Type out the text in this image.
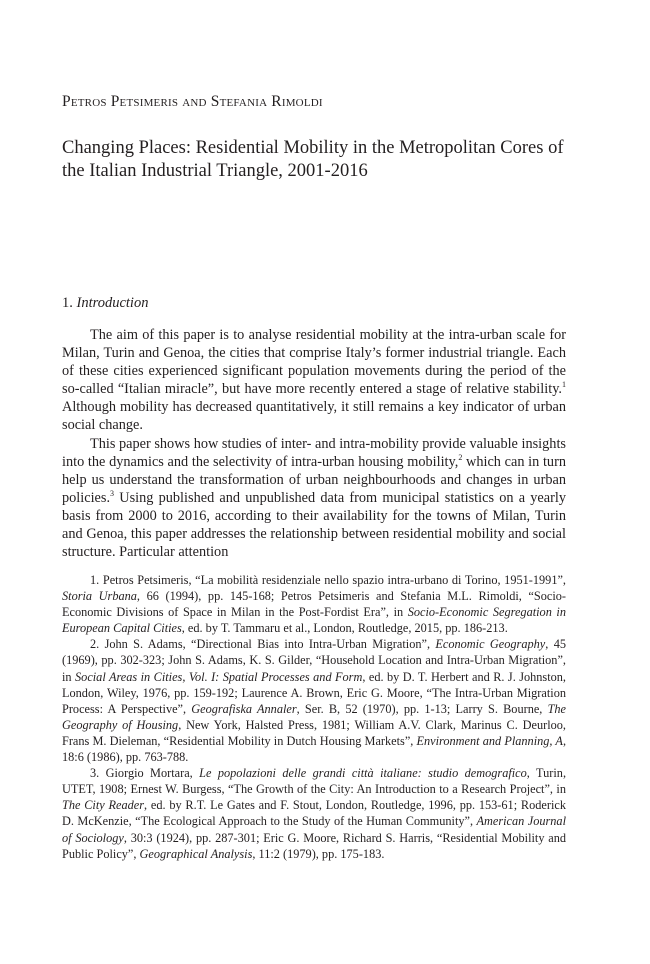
Petros Petsimeris and Stefania Rimoldi
Changing Places: Residential Mobility in the Metropolitan Cores of the Italian Industrial Triangle, 2001-2016
1. Introduction

The aim of this paper is to analyse residential mobility at the intra-urban scale for Milan, Turin and Genoa, the cities that comprise Italy’s former industrial triangle. Each of these cities experienced significant population movements during the period of the so-called “Italian miracle”, but have more recently entered a stage of relative stability.$^1$ Although mobility has decreased quantitatively, it still remains a key indicator of urban social change.

This paper shows how studies of inter- and intra-mobility provide valuable insights into the dynamics and the selectivity of intra-urban housing mobility,$^2$ which can in turn help us understand the transformation of urban neighbourhoods and changes in urban policies.$^3$ Using published and unpublished data from municipal statistics on a yearly basis from 2000 to 2016, according to their availability for the towns of Milan, Turin and Genoa, this paper addresses the relationship between residential mobility and social structure. Particular attention

1. Petros Petsimeris, “La mobilità residenziale nello spazio intra-urbano di Torino, 1951-1991”, Storia Urbana, 66 (1994), pp. 145-168; Petros Petsimeris and Stefania M.L. Rimoldi, “Socio-Economic Divisions of Space in Milan in the Post-Fordist Era”, in Socio-Economic Segregation in European Capital Cities, ed. by T. Tammaru et al., London, Routledge, 2015, pp. 186-213.

2. John S. Adams, “Directional Bias into Intra-Urban Migration”, Economic Geography, 45 (1969), pp. 302-323; John S. Adams, K. S. Gilder, “Household Location and Intra-Urban Migration”, in Social Areas in Cities, Vol. I: Spatial Processes and Form, ed. by D. T. Herbert and R. J. Johnston, London, Wiley, 1976, pp. 159-192; Laurence A. Brown, Eric G. Moore, “The Intra-Urban Migration Process: A Perspective”, Geografiska Annaler, Ser. B, 52 (1970), pp. 1-13; Larry S. Bourne, The Geography of Housing, New York, Halsted Press, 1981; William A.V. Clark, Marinus C. Deurloo, Frans M. Dieleman, “Residential Mobility in Dutch Housing Markets”, Environment and Planning, A, 18:6 (1986), pp. 763-788.

3. Giorgio Mortara, Le popolazioni delle grandi città italiane: studio demografico, Turin, UTET, 1908; Ernest W. Burgess, “The Growth of the City: An Introduction to a Research Project”, in The City Reader, ed. by R.T. Le Gates and F. Stout, London, Routledge, 1996, pp. 153-61; Roderick D. McKenzie, “The Ecological Approach to the Study of the Human Community”, American Journal of Sociology, 30:3 (1924), pp. 287-301; Eric G. Moore, Richard S. Harris, “Residential Mobility and Public Policy”, Geographical Analysis, 11:2 (1979), pp. 175-183.
